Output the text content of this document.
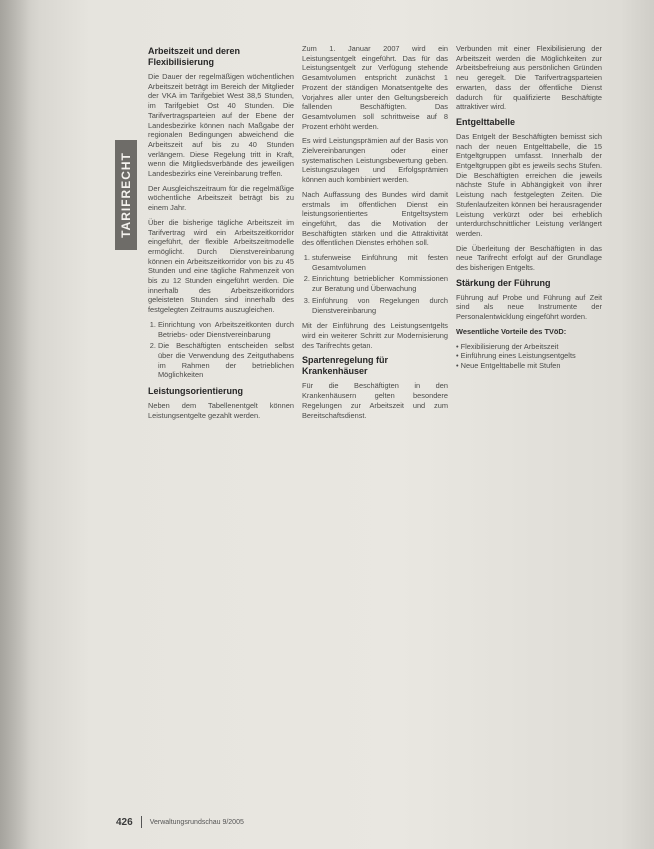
TARIFRECHT
Arbeitszeit und deren Flexibilisierung

Die Dauer der regelmäßigen wöchentlichen Arbeitszeit beträgt im Bereich der Mitglieder der VKA im Tarifgebiet West 38,5 Stunden, im Tarifgebiet Ost 40 Stunden. Die Tarifvertragsparteien auf der Ebene der Landesbezirke können nach Maßgabe der regionalen Bedingungen abweichend die Arbeitszeit auf bis zu 40 Stunden verlängern. Diese Regelung tritt in Kraft, wenn die Mitgliedsverbände des jeweiligen Landesbezirks eine Vereinbarung treffen.

Der Ausgleichszeitraum für die regelmäßige wöchentliche Arbeitszeit beträgt bis zu einem Jahr.

Über die bisherige tägliche Arbeitszeit im Tarifvertrag wird ein Arbeitszeitkorridor eingeführt, der flexible Arbeitszeitmodelle ermöglicht. Durch Dienstvereinbarung können ein Arbeitszeitkorridor von bis zu 45 Stunden und eine tägliche Rahmenzeit von bis zu 12 Stunden eingeführt werden. Die innerhalb des Arbeitszeitkorridors geleisteten Stunden sind innerhalb des festgelegten Zeitraums auszugleichen.

1. Einrichtung von Arbeitszeitkonten durch Betriebs- oder Dienstvereinbarung
2. Die Beschäftigten entscheiden selbst über die Verwendung des Zeitguthabens im Rahmen der betrieblichen Möglichkeiten
Leistungsorientierung

Neben dem Tabellenentgelt können Leistungsentgelte gezahlt werden.

Zum 1. Januar 2007 wird ein Leistungsentgelt eingeführt. Das für das Leistungsentgelt zur Verfügung stehende Gesamtvolumen entspricht zunächst 1 Prozent der ständigen Monatsentgelte des Vorjahres aller unter den Geltungsbereich fallenden Beschäftigten. Das Gesamtvolumen soll schrittweise auf 8 Prozent erhöht werden.

Es wird Leistungsprämien auf der Basis von Zielvereinbarungen oder einer systematischen Leistungsbewertung geben. Leistungszulagen und Erfolgsprämien können auch kombiniert werden.

Nach Auffassung des Bundes wird damit erstmals im öffentlichen Dienst ein leistungsorientiertes Entgeltsystem eingeführt, das die Motivation der Beschäftigten stärken und die Attraktivität des öffentlichen Dienstes erhöhen soll.

1. stufenweise Einführung mit festen Gesamtvolumen
2. Einrichtung betrieblicher Kommissionen zur Beratung und Überwachung
3. Einführung von Regelungen durch Dienstvereinbarung

Mit der Einführung des Leistungsentgelts wird ein weiterer Schritt zur Modernisierung des Tarifrechts getan.

Spartenregelung für Krankenhäuser

Für die Beschäftigten in den Krankenhäusern gelten besondere Regelungen zur Arbeitszeit und zum Bereitschaftsdienst.

Verbunden mit einer Flexibilisierung der Arbeitszeit werden die Möglichkeiten zur Arbeitsbefreiung aus persönlichen Gründen neu geregelt. Die Tarifvertragsparteien erwarten, dass der öffentliche Dienst dadurch für qualifizierte Beschäftigte attraktiver wird.

Entgelttabelle

Das Entgelt der Beschäftigten bemisst sich nach der neuen Entgelttabelle, die 15 Entgeltgruppen umfasst. Innerhalb der Entgeltgruppen gibt es jeweils sechs Stufen. Die Beschäftigten erreichen die jeweils nächste Stufe in Abhängigkeit von ihrer Leistung nach festgelegten Zeiten. Die Stufenlaufzeiten können bei herausragender Leistung verkürzt oder bei erheblich unterdurchschnittlicher Leistung verlängert werden.

Die Überleitung der Beschäftigten in das neue Tarifrecht erfolgt auf der Grundlage des bisherigen Entgelts.

Stärkung der Führung

Führung auf Probe und Führung auf Zeit sind als neue Instrumente der Personalentwicklung eingeführt worden.

Wesentliche Vorteile des TVöD:

• Flexibilisierung der Arbeitszeit
• Einführung eines Leistungsentgelts
• Neue Entgelttabelle mit Stufen

426 Verwaltungsrundschau 9/2005
